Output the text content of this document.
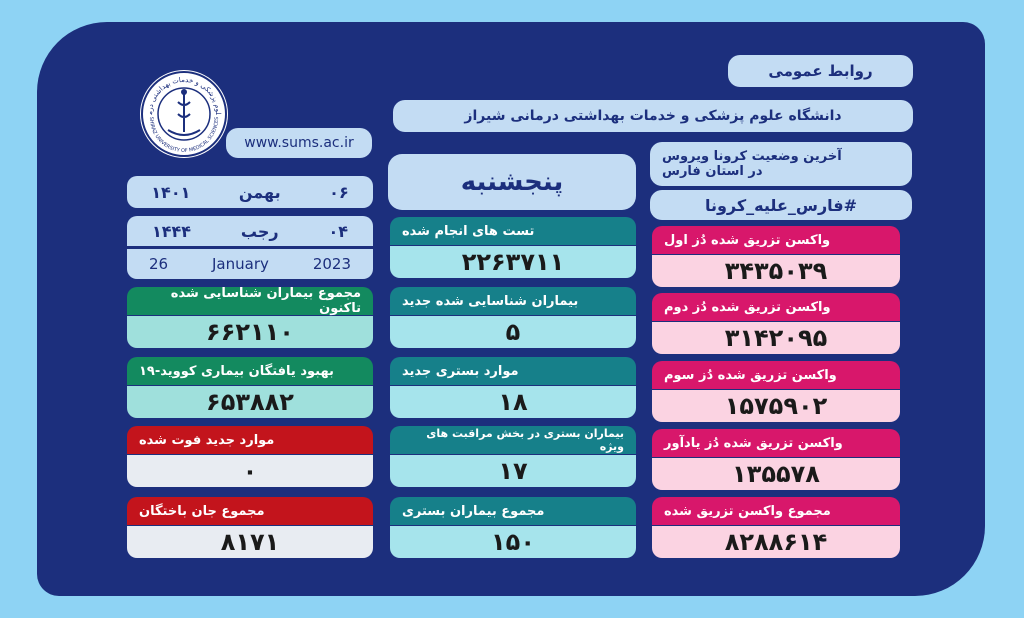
روابط عمومی
دانشگاه علوم پزشکی و خدمات بهداشتی درمانی شیراز
لوم پزشکی و خدمات بهداشتی درم
SHIRAZ UNIVERSITY OF MEDICAL SCIENCES
www.sums.ac.ir
آخرین وضعیت کرونا ویروس
در استان فارس
#فارس_علیه_کرونا
پنجشنبه
۱۴۰۱	بهمن	۰۶
۱۴۴۴	رجب	۰۴
26	January	2023
مجموع بیماران شناسایی شده تاکنون
۶۶۲۱۱۰
بهبود یافتگان بیماری کووید-۱۹
۶۵۳۸۸۲
موارد جدید فوت شده
۰
مجموع جان باختگان
۸۱۷۱
تست های انجام شده
۲۲۶۳۷۱۱
بیماران شناسایی شده جدید
۵
موارد بستری جدید
۱۸
بیماران بستری در بخش مراقبت های ویژه
۱۷
مجموع بیماران بستری
۱۵۰
واکسن تزریق شده دُز اول
۳۴۳۵۰۳۹
واکسن تزریق شده دُز دوم
۳۱۴۲۰۹۵
واکسن تزریق شده دُز سوم
۱۵۷۵۹۰۲
واکسن تزریق شده دُز یادآور
۱۳۵۵۷۸
مجموع واکسن تزریق شده
۸۲۸۸۶۱۴
